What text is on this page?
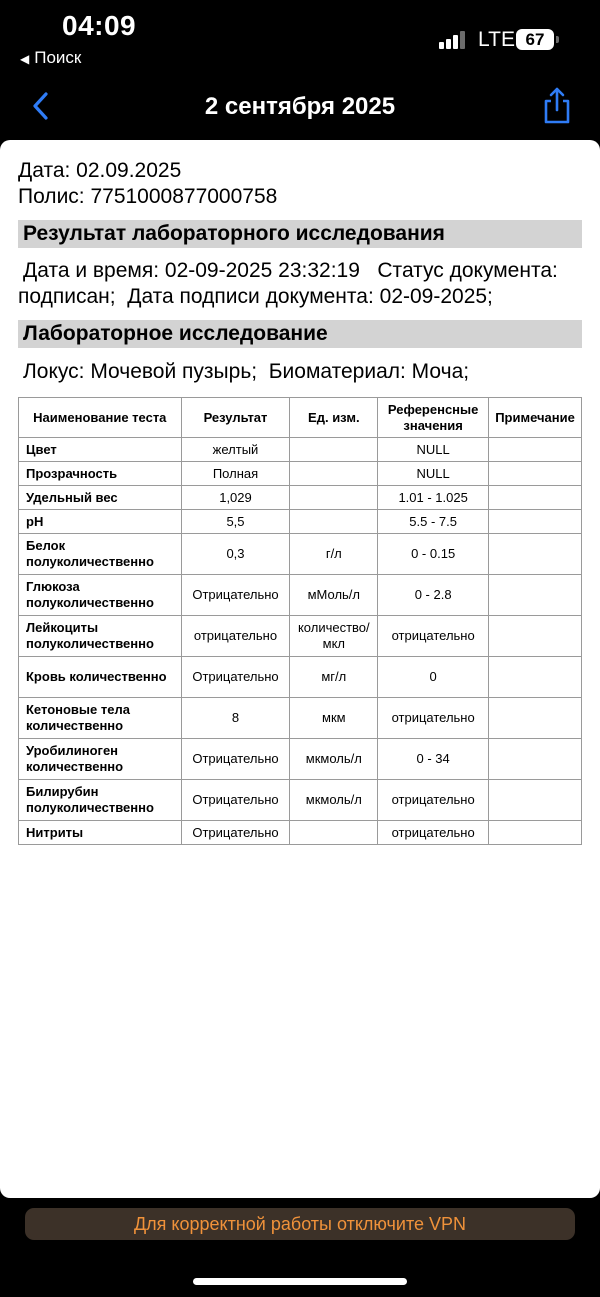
04:09
◀ Поиск
LTE 67
2 сентября 2025
Дата: 02.09.2025
Полис: 7751000877000758
Результат лабораторного исследования
Дата и время: 02-09-2025 23:32:19   Статус документа:
подписан;  Дата подписи документа: 02-09-2025;
Лабораторное исследование
Локус: Мочевой пузырь;  Биоматериал: Моча;
Наименование теста	Результат	Ед. изм.	Референсные значения	Примечание
Цвет	желтый		NULL	
Прозрачность	Полная		NULL	
Удельный вес	1,029		1.01 - 1.025	
pH	5,5		5.5 - 7.5	
Белок полуколичественно	0,3	г/л	0 - 0.15	
Глюкоза полуколичественно	Отрицательно	мМоль/л	0 - 2.8	
Лейкоциты полуколичественно	отрицательно	количество/мкл	отрицательно	
Кровь количественно	Отрицательно	мг/л	0	
Кетоновые тела количественно	8	мкм	отрицательно	
Уробилиноген количественно	Отрицательно	мкмоль/л	0 - 34	
Билирубин полуколичественно	Отрицательно	мкмоль/л	отрицательно	
Нитриты	Отрицательно		отрицательно	
Для корректной работы отключите VPN
